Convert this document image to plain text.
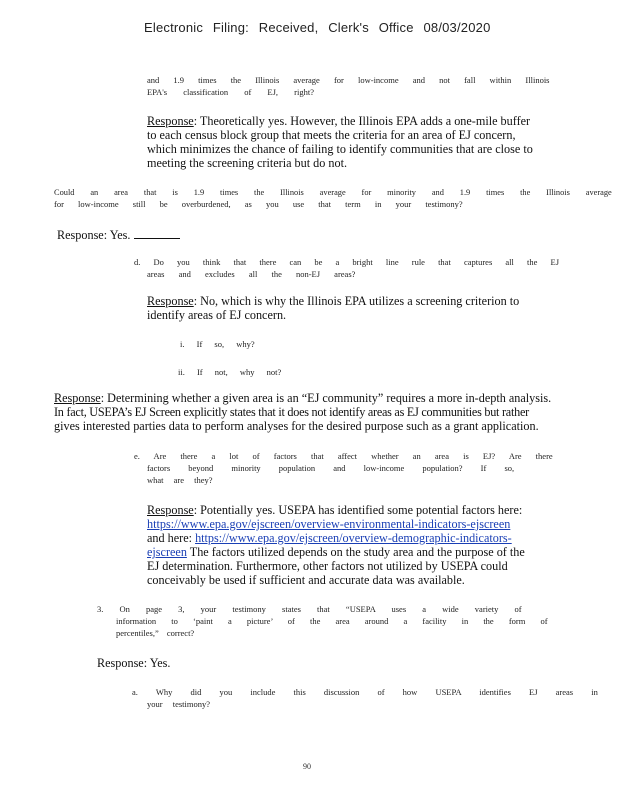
Electronic Filing: Received, Clerk's Office 08/03/2020
and 1.9 times the Illinois average for low-income and not fall within Illinois
EPA's classification of EJ, right?
Response: Theoretically yes. However, the Illinois EPA adds a one-mile buffer
to each census block group that meets the criteria for an area of EJ concern,
which minimizes the chance of failing to identify communities that are close to
meeting the screening criteria but do not.
Could an area that is 1.9 times the Illinois average for minority and 1.9 times the Illinois average
for low-income still be overburdened, as you use that term in your testimony?
Response: Yes.
d. Do you think that there can be a bright line rule that captures all the EJ
areas and excludes all the non-EJ areas?
Response: No, which is why the Illinois EPA utilizes a screening criterion to
identify areas of EJ concern.
i. If so, why?
ii. If not, why not?
Response: Determining whether a given area is an “EJ community” requires a more in-depth analysis.
In fact, USEPA’s EJ Screen explicitly states that it does not identify areas as EJ communities but rather
gives interested parties data to perform analyses for the desired purpose such as a grant application.
e. Are there a lot of factors that affect whether an area is EJ? Are there
factors beyond minority population and low-income population? If so,
what are they?
Response: Potentially yes. USEPA has identified some potential factors here:
https://www.epa.gov/ejscreen/overview-environmental-indicators-ejscreen
and here: https://www.epa.gov/ejscreen/overview-demographic-indicators-
ejscreen The factors utilized depends on the study area and the purpose of the
EJ determination. Furthermore, other factors not utilized by USEPA could
conceivably be used if sufficient and accurate data was available.
3. On page 3, your testimony states that “USEPA uses a wide variety of
information to ‘paint a picture’ of the area around a facility in the form of
percentiles,” correct?
Response: Yes.
a. Why did you include this discussion of how USEPA identifies EJ areas in
your testimony?
90
